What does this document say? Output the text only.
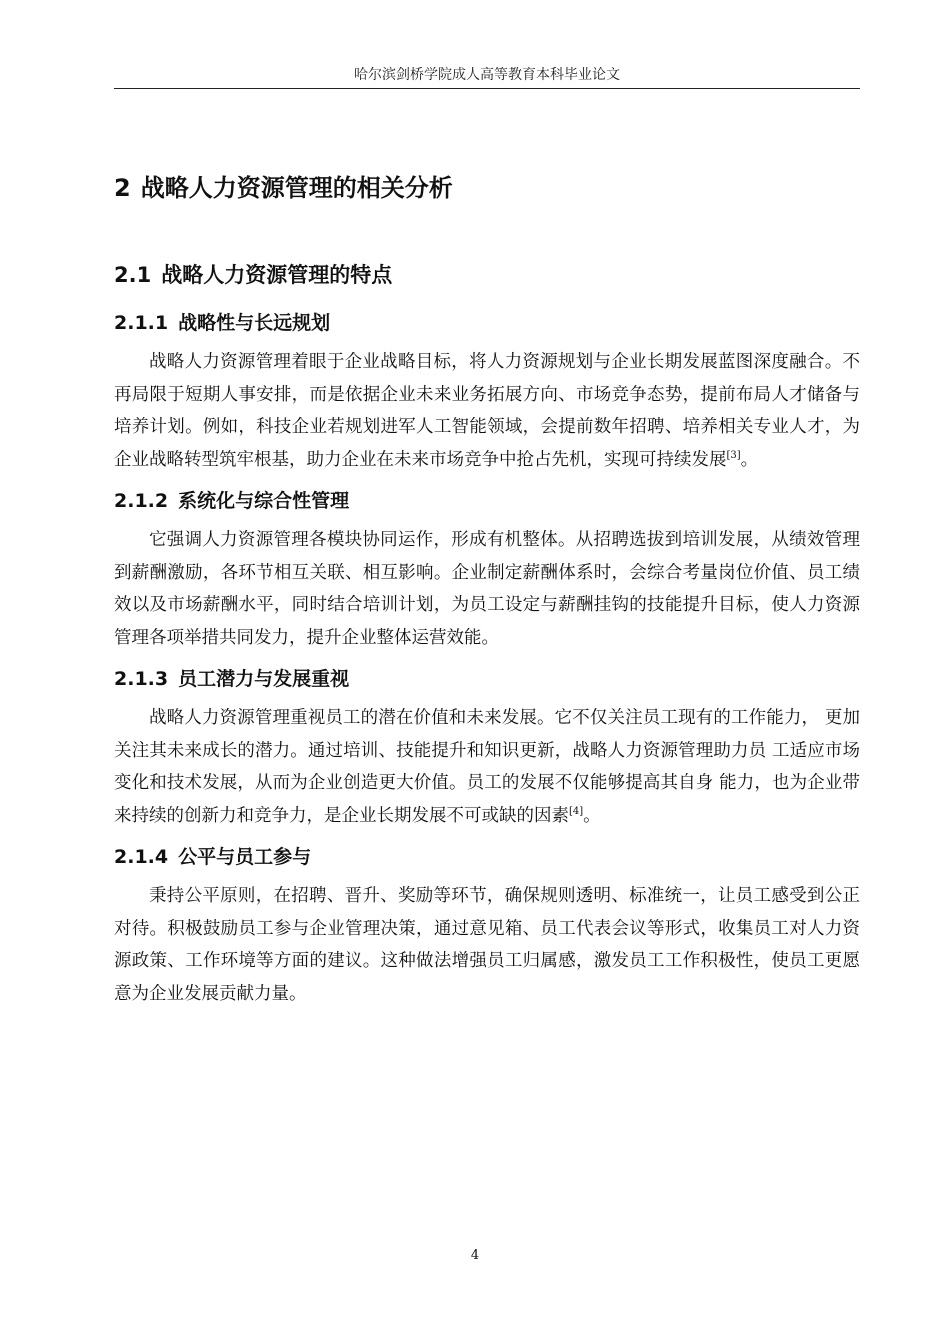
哈尔滨剑桥学院成人高等教育本科毕业论文
2 战略人力资源管理的相关分析
2.1 战略人力资源管理的特点
2.1.1 战略性与长远规划

战略人力资源管理着眼于企业战略目标，将人力资源规划与企业长期发展蓝图深度融合。不再局限于短期人事安排，而是依据企业未来业务拓展方向、市场竞争态势，提前布局人才储备与培养计划。例如，科技企业若规划进军人工智能领域，会提前数年招聘、培养相关专业人才，为企业战略转型筑牢根基，助力企业在未来市场竞争中抢占先机，实现可持续发展[3]。

2.1.2 系统化与综合性管理

它强调人力资源管理各模块协同运作，形成有机整体。从招聘选拔到培训发展，从绩效管理到薪酬激励，各环节相互关联、相互影响。企业制定薪酬体系时，会综合考量岗位价值、员工绩效以及市场薪酬水平，同时结合培训计划，为员工设定与薪酬挂钩的技能提升目标，使人力资源管理各项举措共同发力，提升企业整体运营效能。

2.1.3 员工潜力与发展重视

战略人力资源管理重视员工的潜在价值和未来发展。它不仅关注员工现有的工作能力， 更加关注其未来成长的潜力。通过培训、技能提升和知识更新，战略人力资源管理助力员 工适应市场变化和技术发展，从而为企业创造更大价值。员工的发展不仅能够提高其自身 能力，也为企业带来持续的创新力和竞争力，是企业长期发展不可或缺的因素[4]。

2.1.4 公平与员工参与

秉持公平原则，在招聘、晋升、奖励等环节，确保规则透明、标准统一，让员工感受到公正对待。积极鼓励员工参与企业管理决策，通过意见箱、员工代表会议等形式，收集员工对人力资源政策、工作环境等方面的建议。这种做法增强员工归属感，激发员工工作积极性，使员工更愿意为企业发展贡献力量。

4
